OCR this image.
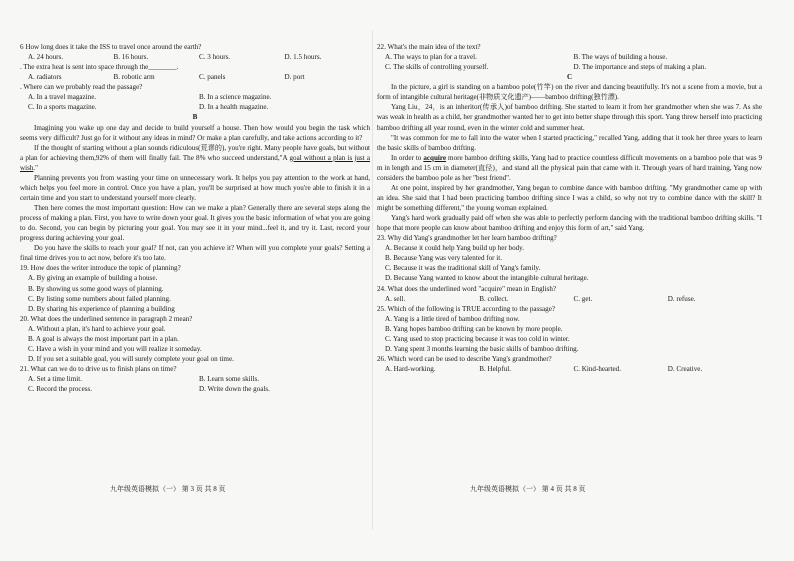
6 How long does it take the ISS to travel once around the earth?

A. 24 hours.	B. 16 hours.	C. 3 hours.	D. 1.5 hours.

. The extra heat is sent into space through the________.

A. radiators	B. robotic arm	C. panels	D. port

. Where can we probably read the passage?

A. In a travel magazine.	B. In a science magazine.
C. In a sports magazine.	D. In a health magazine.

B

Imagining you wake up one day and decide to build yourself a house. Then how would you begin the task which seems very difficult? Just go for it without any ideas in mind? Or make a plan carefully, and take actions according to it?

If the thought of starting without a plan sounds ridiculous(荒谬的), you're right. Many people have goals, but without a plan for achieving them,92% of them will finally fail. The 8% who succeed understand,"A goal without a plan is just a wish."

Planning prevents you from wasting your time on unnecessary work. It helps you pay attention to the work at hand, which helps you feel more in control. Once you have a plan, you'll be surprised at how much you're able to finish it in a certain time and you start to understand yourself more clearly.

Then here comes the most important question: How can we make a plan? Generally there are several steps along the process of making a plan. First, you have to write down your goal. It gives you the basic information of what you are going to do. Second, you can begin by picturing your goal. You may see it in your mind...feel it, and try it. Last, record your progress during achieving your goal.

Do you have the skills to reach your goal? If not, can you achieve it? When will you complete your goals? Setting a final time drives you to act now, before it's too late.

19. How does the writer introduce the topic of planning?

A. By giving an example of building a house.

B. By showing us some good ways of planning.

C. By listing some numbers about failed planning.

D. By sharing his experience of planning a building

20. What does the underlined sentence in paragraph 2 mean?

A. Without a plan, it's hard to achieve your goal.

B. A goal is always the most important part in a plan.

C. Have a wish in your mind and you will realize it someday.

D. If you set a suitable goal, you will surely complete your goal on time.

21. What can we do to drive us to finish plans on time?

A. Set a time limit.	B. Learn some skills.
C. Record the process.	D. Write down the goals.

22. What's the main idea of the text?

A. The ways to plan for a travel.	B. The ways of building a house.
C. The skills of controlling yourself.	D. The importance and steps of making a plan.

C

In the picture, a girl is standing on a bamboo pole(竹竿) on the river and dancing beautifully. It's not a scene from a movie, but a form of intangible cultural heritage(非物质文化遗产)——bamboo drifting(独竹漂).

Yang Liu，24，is an inheritor(传承人)of bamboo drifting. She started to learn it from her grandmother when she was 7. As she was weak in health as a child, her grandmother wanted her to get into better shape through this sport. Yang threw herself into practicing bamboo drifting all year round, even in the winter cold and summer heat.

"It was common for me to fall into the water when I started practicing," recalled Yang, adding that it took her three years to learn the basic skills of bamboo drifting.

In order to acquire more bamboo drifting skills, Yang had to practice countless difficult movements on a bamboo pole that was 9 m in length and 15 cm in diameter(直径)，and stand all the physical pain that came with it. Through years of hard training, Yang now considers the bamboo pole as her "best friend".

At one point, inspired by her grandmother, Yang began to combine dance with bamboo drifting. "My grandmother came up with an idea. She said that I had been practicing bamboo drifting since I was a child, so why not try to combine dance with the skill? It might be something different," the young woman explained.

Yang's hard work gradually paid off when she was able to perfectly perform dancing with the traditional bamboo drifting skills. "I hope that more people can know about bamboo drifting and enjoy this form of art," said Yang.

23. Why did Yang's grandmother let her learn bamboo drifting?

A. Because it could help Yang build up her body.

B. Because Yang was very talented for it.

C. Because it was the traditional skill of Yang's family.

D. Because Yang wanted to know about the intangible cultural heritage.

24. What does the underlined word "acquire" mean in English?

A. sell.	B. collect.	C. get.	D. refuse.

25. Which of the following is TRUE according to the passage?

A. Yang is a little tired of bamboo drifting now.

B. Yang hopes bamboo drifting can be known by more people.

C. Yang used to stop practicing because it was too cold in winter.

D. Yang spent 3 months learning the basic skills of bamboo drifting.

26. Which word can be used to describe Yang's grandmother?

A. Hard-working.	B. Helpful.	C. Kind-hearted.	D. Creative.
九年级英语模拟（一） 第 3 页 共 8 页	九年级英语模拟（一） 第 4 页 共 8 页
